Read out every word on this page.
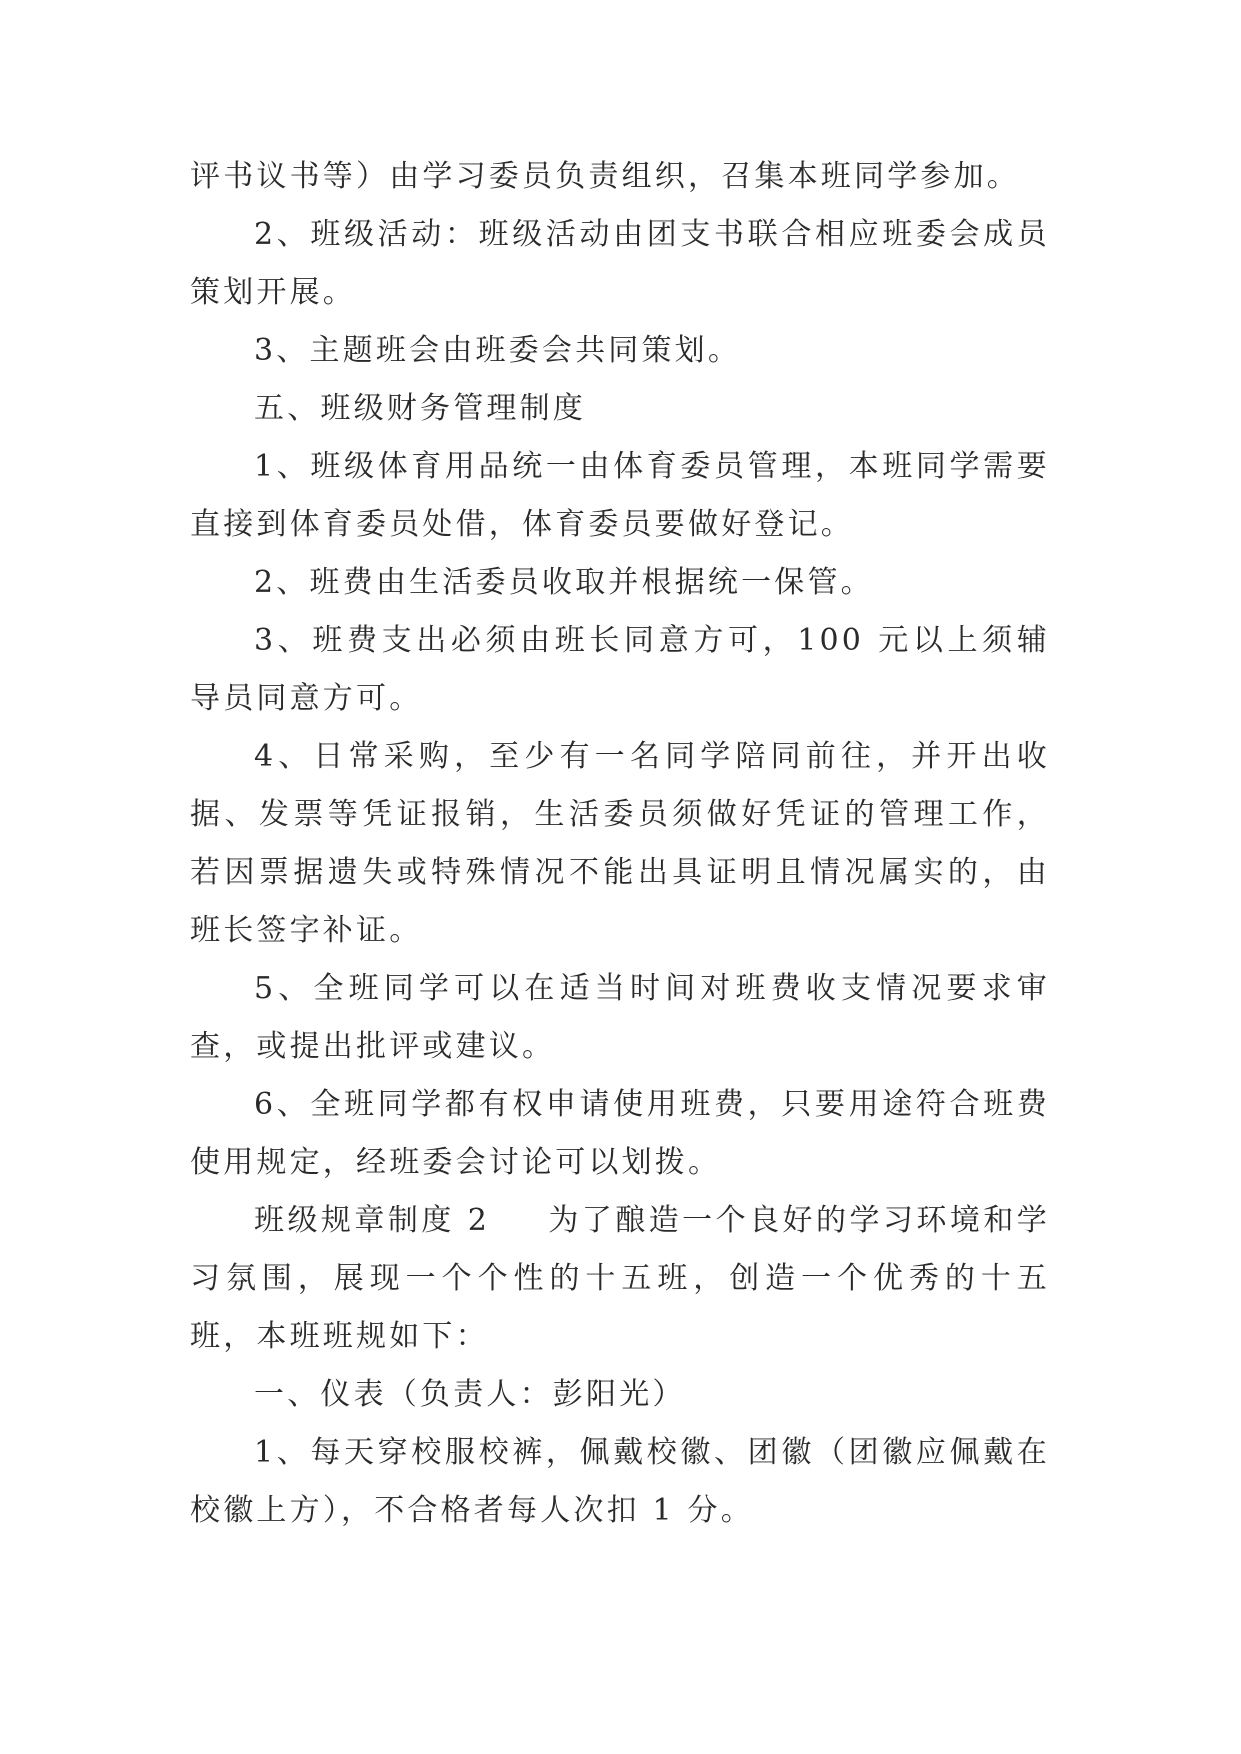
评书议书等）由学习委员负责组织，召集本班同学参加。

2、班级活动：班级活动由团支书联合相应班委会成员策划开展。

3、主题班会由班委会共同策划。

五、班级财务管理制度

1、班级体育用品统一由体育委员管理，本班同学需要直接到体育委员处借，体育委员要做好登记。

2、班费由生活委员收取并根据统一保管。

3、班费支出必须由班长同意方可，100 元以上须辅导员同意方可。

4、日常采购，至少有一名同学陪同前往，并开出收据、发票等凭证报销，生活委员须做好凭证的管理工作，若因票据遗失或特殊情况不能出具证明且情况属实的，由班长签字补证。

5、全班同学可以在适当时间对班费收支情况要求审查，或提出批评或建议。

6、全班同学都有权申请使用班费，只要用途符合班费使用规定，经班委会讨论可以划拨。

班级规章制度 2 为了酿造一个良好的学习环境和学习氛围，展现一个个性的十五班，创造一个优秀的十五班，本班班规如下：

一、仪表（负责人：彭阳光）

1、每天穿校服校裤，佩戴校徽、团徽（团徽应佩戴在校徽上方），不合格者每人次扣 1 分。
